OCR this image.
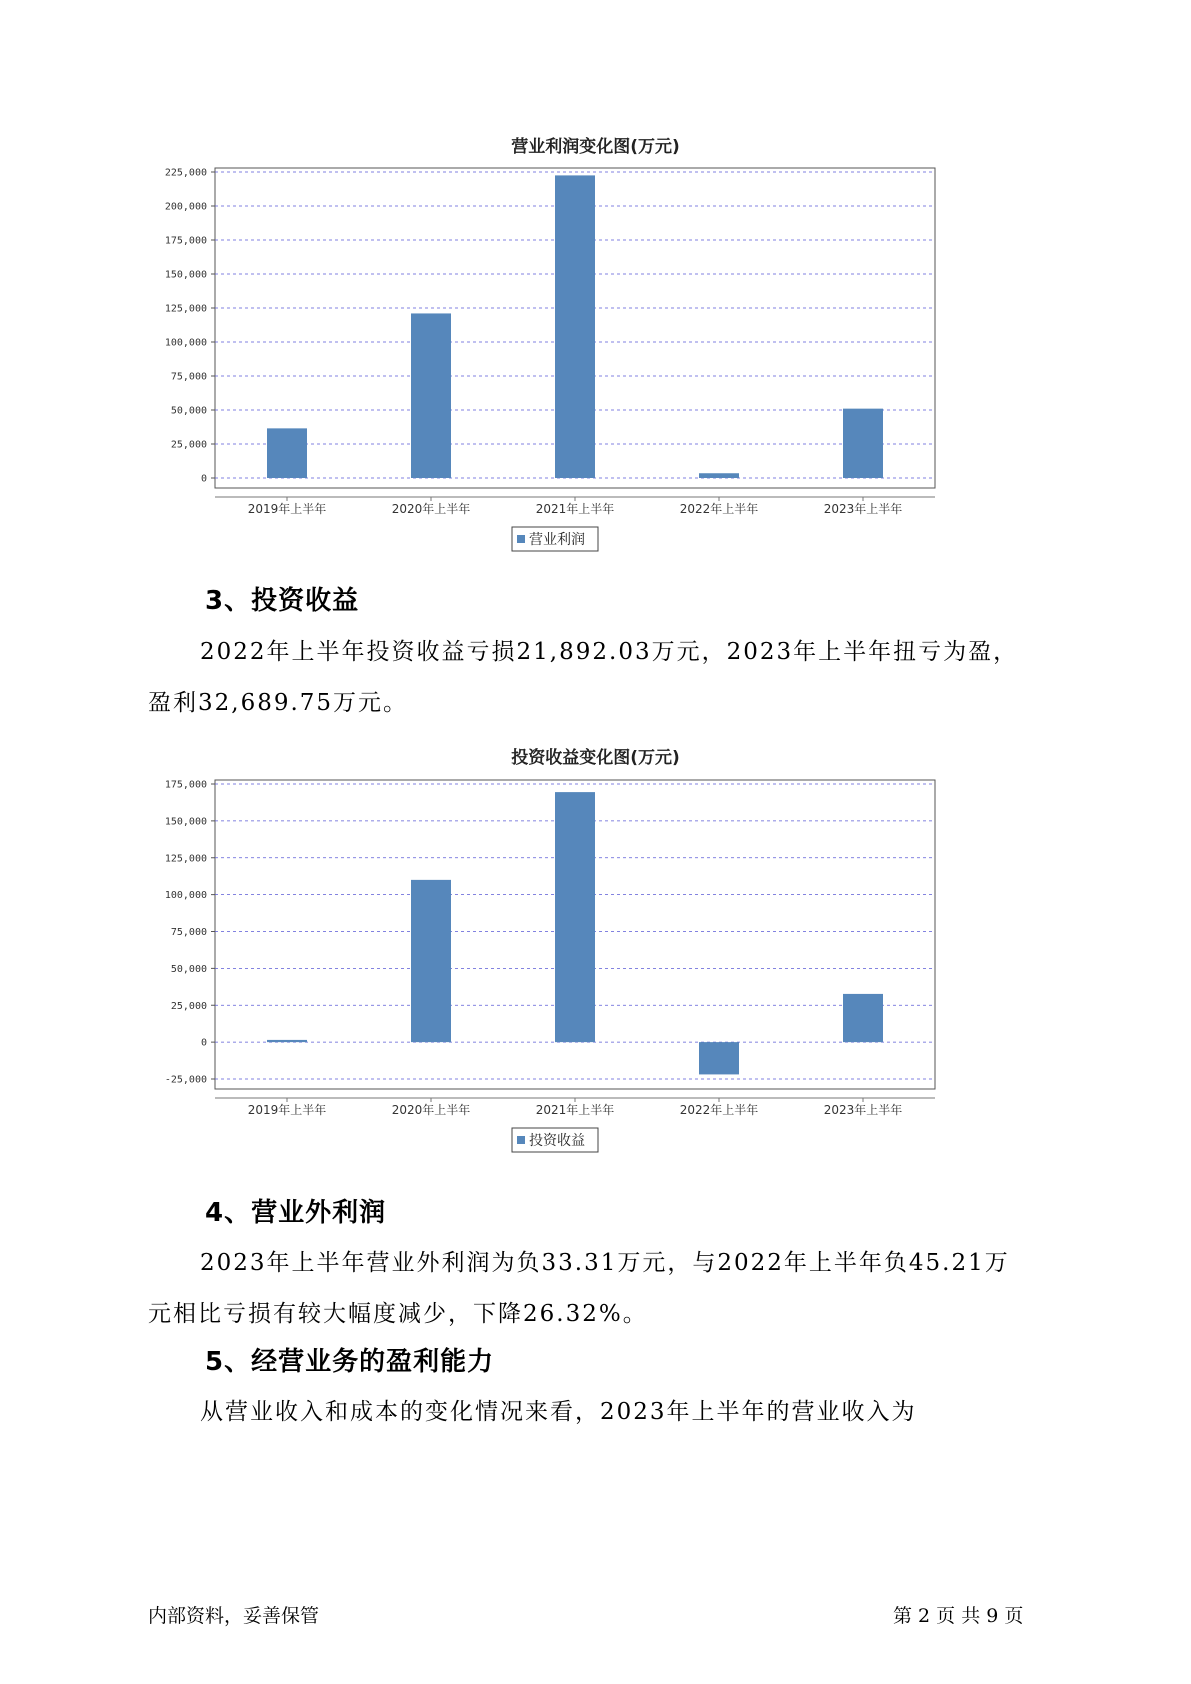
营业利润变化图(万元)
0
25,000
50,000
75,000
100,000
125,000
150,000
175,000
200,000
225,000
2019年上半年	2020年上半年	2021年上半年	2022年上半年	2023年上半年
营业利润
3、投资收益
2022年上半年投资收益亏损21,892.03万元，2023年上半年扭亏为盈，
盈利32,689.75万元。
投资收益变化图(万元)
-25,000
0
25,000
50,000
75,000
100,000
125,000
150,000
175,000
2019年上半年	2020年上半年	2021年上半年	2022年上半年	2023年上半年
投资收益
4、营业外利润
2023年上半年营业外利润为负33.31万元，与2022年上半年负45.21万
元相比亏损有较大幅度减少，下降26.32%。
5、经营业务的盈利能力
从营业收入和成本的变化情况来看，2023年上半年的营业收入为
内部资料，妥善保管	第 2 页 共 9 页
